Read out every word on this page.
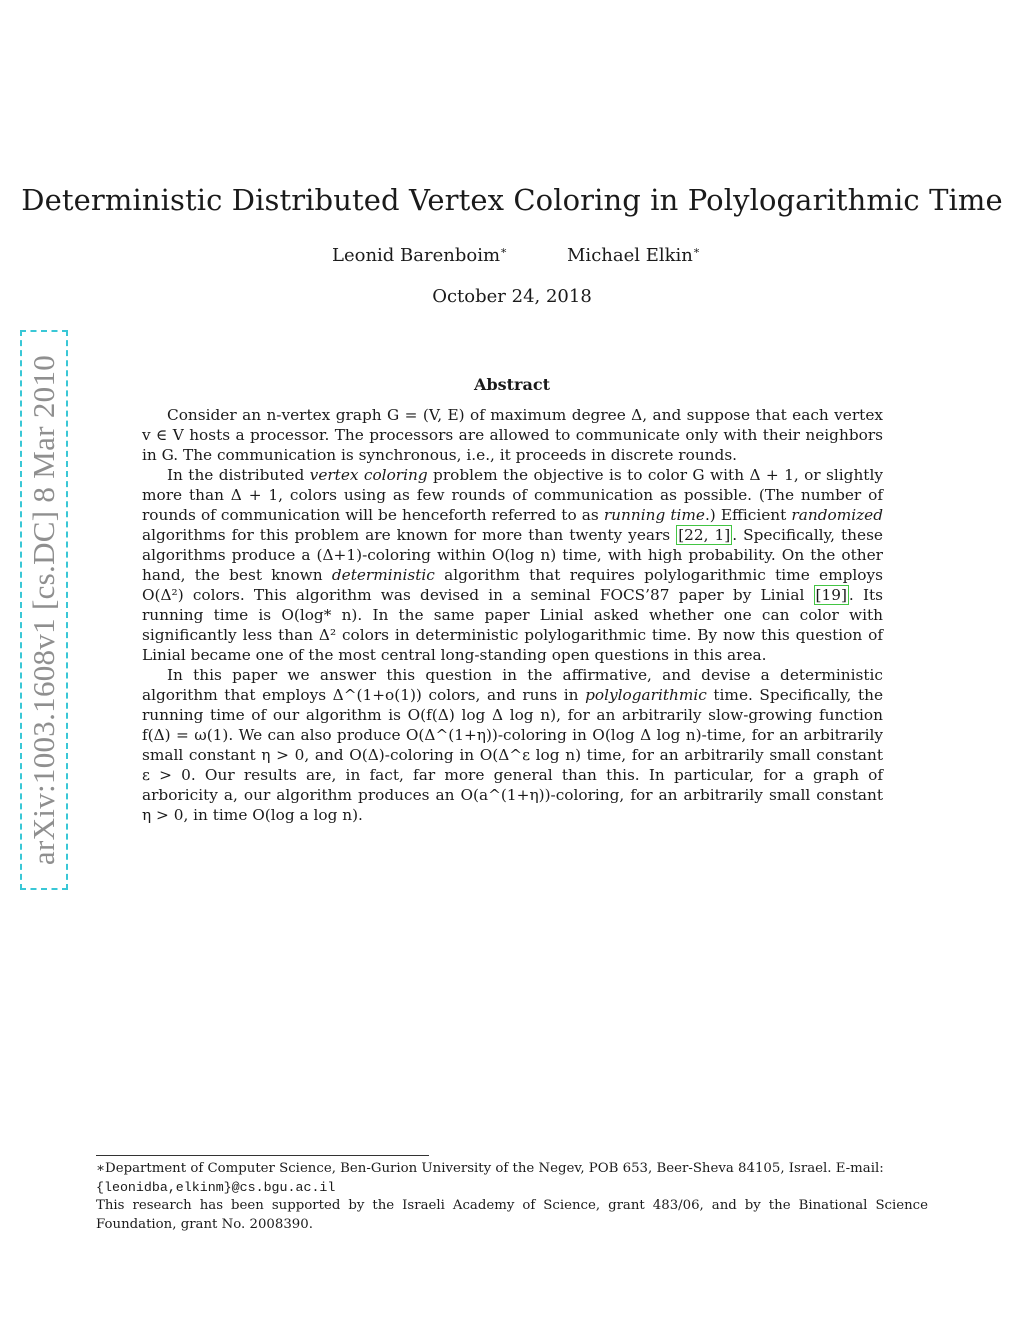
arXiv:1003.1608v1 [cs.DC] 8 Mar 2010
Deterministic Distributed Vertex Coloring in Polylogarithmic Time
Leonid Barenboim∗	Michael Elkin∗
October 24, 2018
Abstract

Consider an n-vertex graph G = (V, E) of maximum degree Δ, and suppose that each vertex v ∈ V hosts a processor. The processors are allowed to communicate only with their neighbors in G. The communication is synchronous, i.e., it proceeds in discrete rounds.

In the distributed vertex coloring problem the objective is to color G with Δ + 1, or slightly more than Δ + 1, colors using as few rounds of communication as possible. (The number of rounds of communication will be henceforth referred to as running time.) Efficient randomized algorithms for this problem are known for more than twenty years [22, 1] . Specifically, these algorithms produce a (Δ+1)-coloring within O(log n) time, with high probability. On the other hand, the best known deterministic algorithm that requires polylogarithmic time employs O(Δ²) colors. This algorithm was devised in a seminal FOCS’87 paper by Linial [19] . Its running time is O(log* n). In the same paper Linial asked whether one can color with significantly less than Δ² colors in deterministic polylogarithmic time. By now this question of Linial became one of the most central long-standing open questions in this area.

In this paper we answer this question in the affirmative, and devise a deterministic algorithm that employs Δ^(1+o(1)) colors, and runs in polylogarithmic time. Specifically, the running time of our algorithm is O(f(Δ) log Δ log n), for an arbitrarily slow-growing function f(Δ) = ω(1). We can also produce O(Δ^(1+η))-coloring in O(log Δ log n)-time, for an arbitrarily small constant η > 0, and O(Δ)-coloring in O(Δ^ε log n) time, for an arbitrarily small constant ε > 0. Our results are, in fact, far more general than this. In particular, for a graph of arboricity a, our algorithm produces an O(a^(1+η))-coloring, for an arbitrarily small constant η > 0, in time O(log a log n).

∗Department of Computer Science, Ben-Gurion University of the Negev, POB 653, Beer-Sheva 84105, Israel. E-mail:
{leonidba,elkinm}@cs.bgu.ac.il

This research has been supported by the Israeli Academy of Science, grant 483/06, and by the Binational Science Foundation, grant No. 2008390.
